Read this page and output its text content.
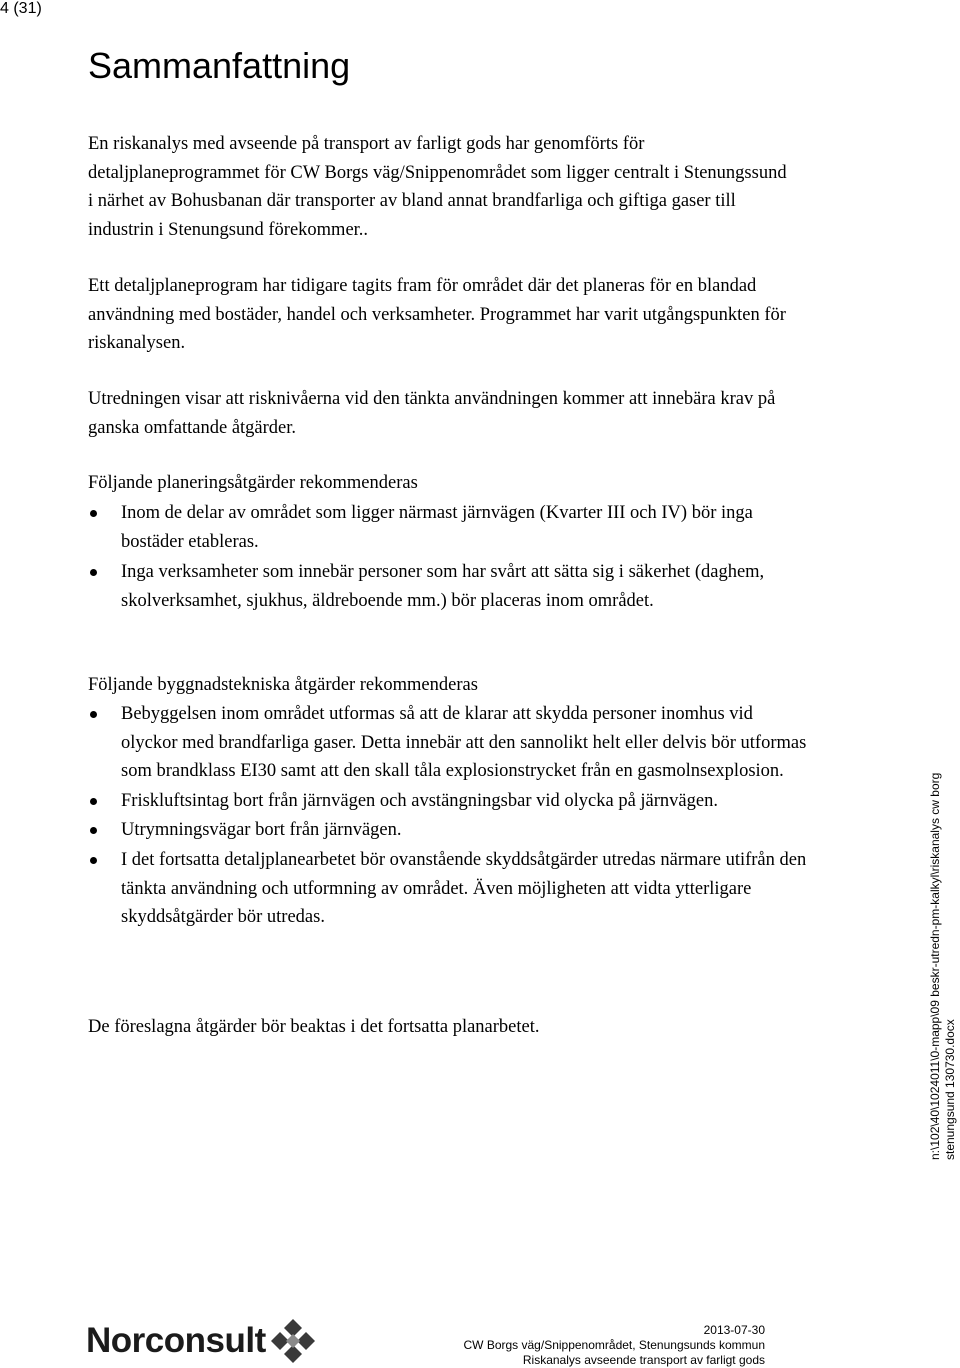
4 (31)
Sammanfattning

En riskanalys med avseende på transport av farligt gods har genomförts för detaljplaneprogrammet för CW Borgs väg/Snippenområdet som ligger centralt i Stenungssund i närhet av Bohusbanan där transporter av bland annat brandfarliga och giftiga gaser till industrin i Stenungsund förekommer..

Ett detaljplaneprogram har tidigare tagits fram för området där det planeras för en blandad användning med bostäder, handel och verksamheter. Programmet har varit utgångspunkten för riskanalysen.

Utredningen visar att risknivåerna vid den tänkta användningen kommer att innebära krav på ganska omfattande åtgärder.

Följande planeringsåtgärder rekommenderas

Inom de delar av området som ligger närmast järnvägen (Kvarter III och IV) bör inga bostäder etableras.
Inga verksamheter som innebär personer som har svårt att sätta sig i säkerhet (daghem, skolverksamhet, sjukhus, äldreboende mm.) bör placeras inom området.

Följande byggnadstekniska åtgärder rekommenderas

Bebyggelsen inom området utformas så att de klarar att skydda personer inomhus vid olyckor med brandfarliga gaser. Detta innebär att den sannolikt helt eller delvis bör utformas som brandklass EI30 samt att den skall tåla explosionstrycket från en gasmolnsexplosion.
Friskluftsintag bort från järnvägen och avstängningsbar vid olycka på järnvägen.
Utrymningsvägar bort från järnvägen.
I det fortsatta detaljplanearbetet bör ovanstående skyddsåtgärder utredas närmare utifrån den tänkta användning och utformning av området. Även möjligheten att vidta ytterligare skyddsåtgärder bör utredas.

De föreslagna åtgärder bör beaktas i det fortsatta planarbetet.	n:\102\40\1024011\0-mapp\09 beskr-utredn-pm-kalkyl\riskanalys cw borg stenungsund 130730.docx
Norconsult	2013-07-30
CW Borgs väg/Snippenområdet, Stenungsunds kommun
Riskanalys avseende transport av farligt gods
